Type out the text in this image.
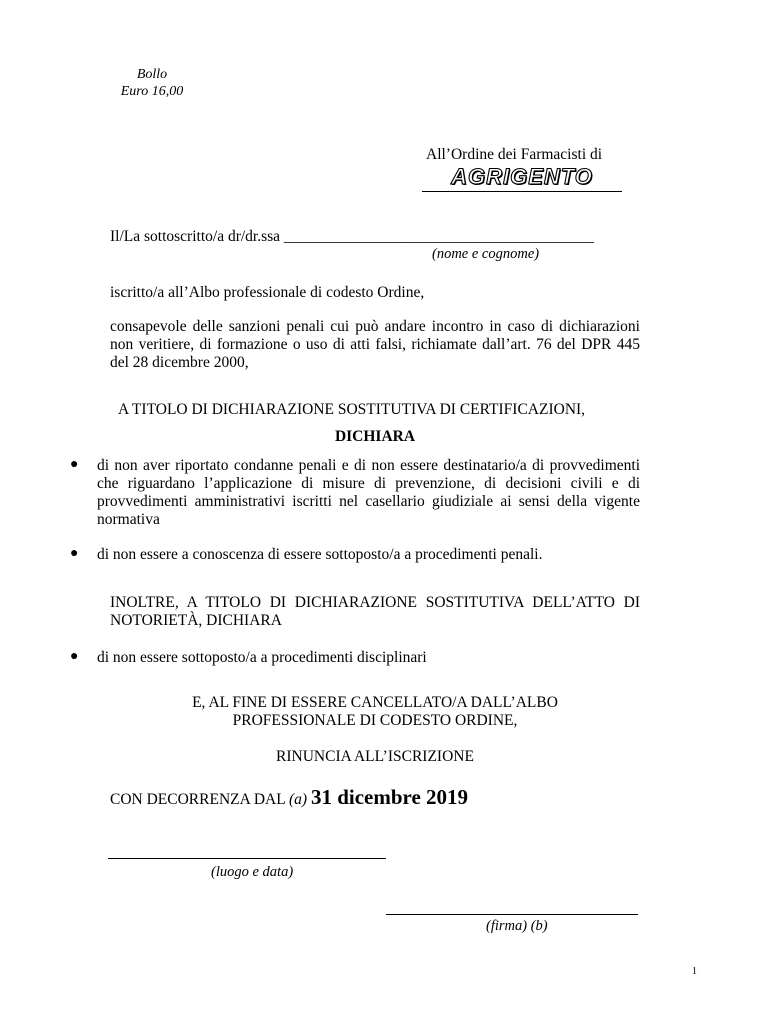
Bollo
Euro 16,00
All’Ordine dei Farmacisti di
AGRIGENTO
Il/La sottoscritto/a dr/dr.ssa ________________________________________
(nome e cognome)
iscritto/a all’Albo professionale di codesto Ordine,
consapevole delle sanzioni penali cui può andare incontro in caso di dichiarazioni non veritiere, di formazione o uso di atti falsi, richiamate dall’art. 76 del DPR 445 del 28 dicembre 2000,
A TITOLO DI DICHIARAZIONE SOSTITUTIVA DI CERTIFICAZIONI,
DICHIARA
● di non aver riportato condanne penali e di non essere destinatario/a di provvedimenti che riguardano l’applicazione di misure di prevenzione, di decisioni civili e di provvedimenti amministrativi iscritti nel casellario giudiziale ai sensi della vigente normativa
● di non essere a conoscenza di essere sottoposto/a a procedimenti penali.
INOLTRE, A TITOLO DI DICHIARAZIONE SOSTITUTIVA DELL’ATTO DI NOTORIETÀ, DICHIARA
● di non essere sottoposto/a a procedimenti disciplinari
E, AL FINE DI ESSERE CANCELLATO/A DALL’ALBO
PROFESSIONALE DI CODESTO ORDINE,
RINUNCIA ALL’ISCRIZIONE
CON DECORRENZA DAL (a) 31 dicembre 2019
(luogo e data)
(firma) (b)
1
